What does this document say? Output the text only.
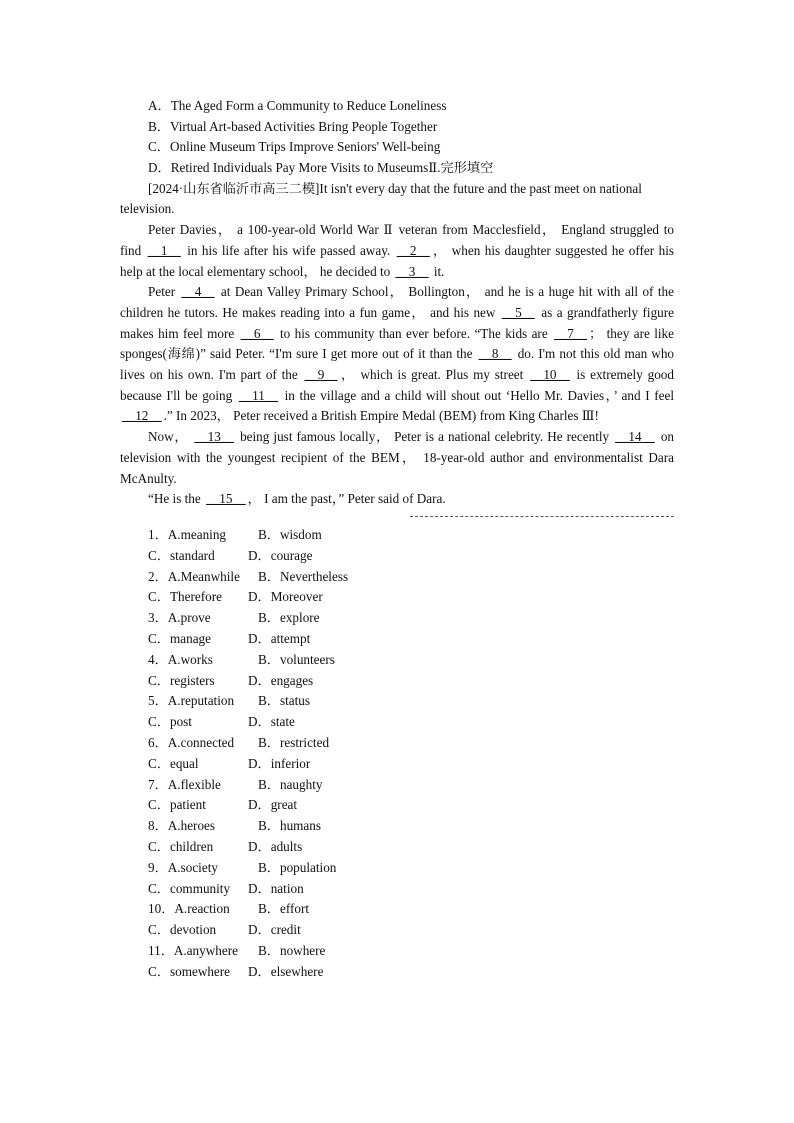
A．The Aged Form a Community to Reduce Loneliness
B．Virtual Art-based Activities Bring People Together
C．Online Museum Trips Improve Seniors' Well-being
D．Retired Individuals Pay More Visits to MuseumsⅡ.完形填空
[2024·山东省临沂市高三二模]It isn't every day that the future and the past meet on national
television.
Peter Davies， a 100-year-old World War Ⅱ veteran from Macclesfield， England struggled to find __1__ in his life after his wife passed away. __2__ ， when his daughter suggested he offer his help at the local elementary school， he decided to __3__ it.
Peter __4__ at Dean Valley Primary School， Bollington， and he is a huge hit with all of the children he tutors. He makes reading into a fun game， and his new __5__ as a grandfatherly figure makes him feel more __6__ to his community than ever before. “The kids are __7__ ； they are like sponges(海绵)” said Peter. “I'm sure I get more out of it than the __8__ do. I'm not this old man who lives on his own. I'm part of the __9__ ， which is great. Plus my street __10__ is extremely good because I'll be going __11__ in the village and a child will shout out ‘Hello Mr. Davies，’ and I feel __12__ .” In 2023， Peter received a British Empire Medal (BEM) from King Charles Ⅲ!
Now， __13__ being just famous locally， Peter is a national celebrity. He recently __14__ on television with the youngest recipient of the BEM， 18-year-old author and environmentalist Dara McAnulty.
“He is the __15__ ， I am the past，” Peter said of Dara.
1．A.meaning B．wisdom
C．standard	D．courage
2．A.Meanwhile B．Nevertheless
C．Therefore D．Moreover
3．A.prove	B．explore
C．manage	D．attempt
4．A.works	B．volunteers
C．registers	D．engages
5．A.reputation B．status
C．post	D．state
6．A.connected B．restricted
C．equal	D．inferior
7．A.flexible	B．naughty
C．patient	D．great
8．A.heroes	B．humans
C．children	D．adults
9．A.society	B．population
C．community D．nation
10．A.reaction B．effort
C．devotion D．credit
11．A.anywhere B．nowhere
C．somewhere D．elsewhere
